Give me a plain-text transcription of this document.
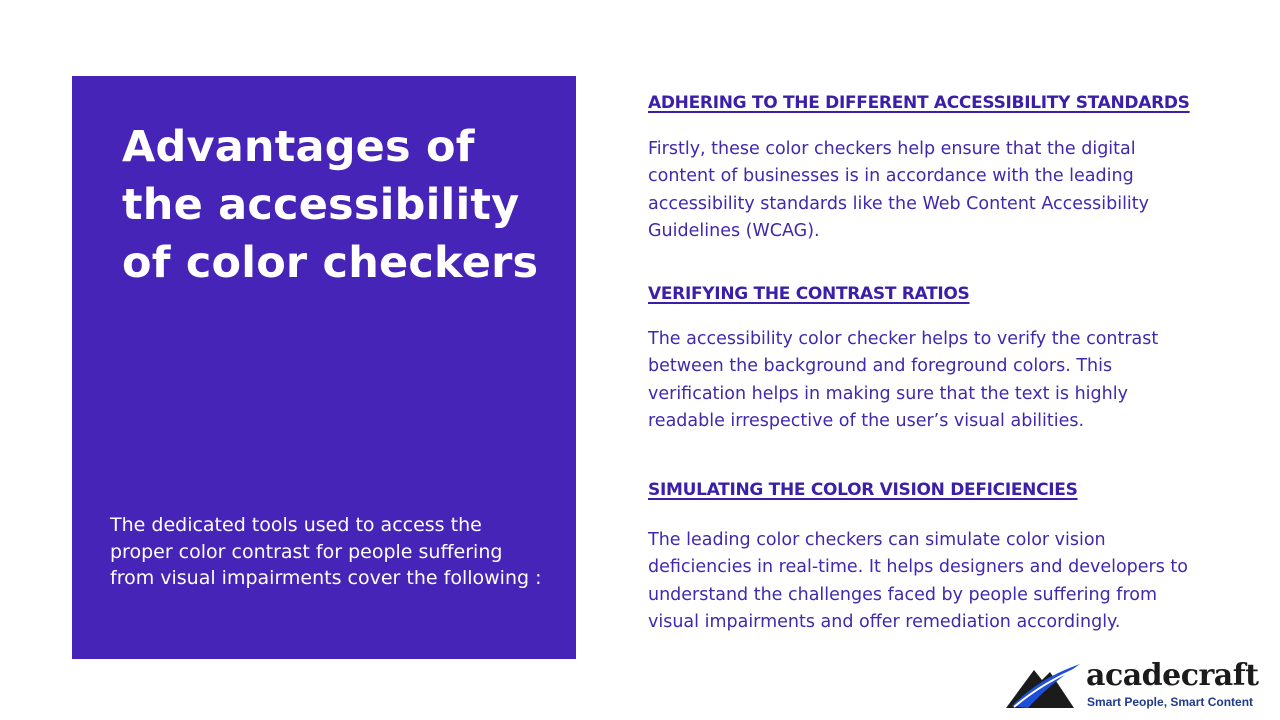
Advantages of the accessibility of color checkers

The dedicated tools used to access the proper color contrast for people suffering from visual impairments cover the following :

ADHERING TO THE DIFFERENT ACCESSIBILITY STANDARDS

Firstly, these color checkers help ensure that the digital content of businesses is in accordance with the leading accessibility standards like the Web Content Accessibility Guidelines (WCAG).

VERIFYING THE CONTRAST RATIOS

The accessibility color checker helps to verify the contrast between the background and foreground colors. This verification helps in making sure that the text is highly readable irrespective of the user’s visual abilities.

SIMULATING THE COLOR VISION DEFICIENCIES

The leading color checkers can simulate color vision deficiencies in real-time. It helps designers and developers to understand the challenges faced by people suffering from visual impairments and offer remediation accordingly.

acadecraft

Smart People, Smart Content
